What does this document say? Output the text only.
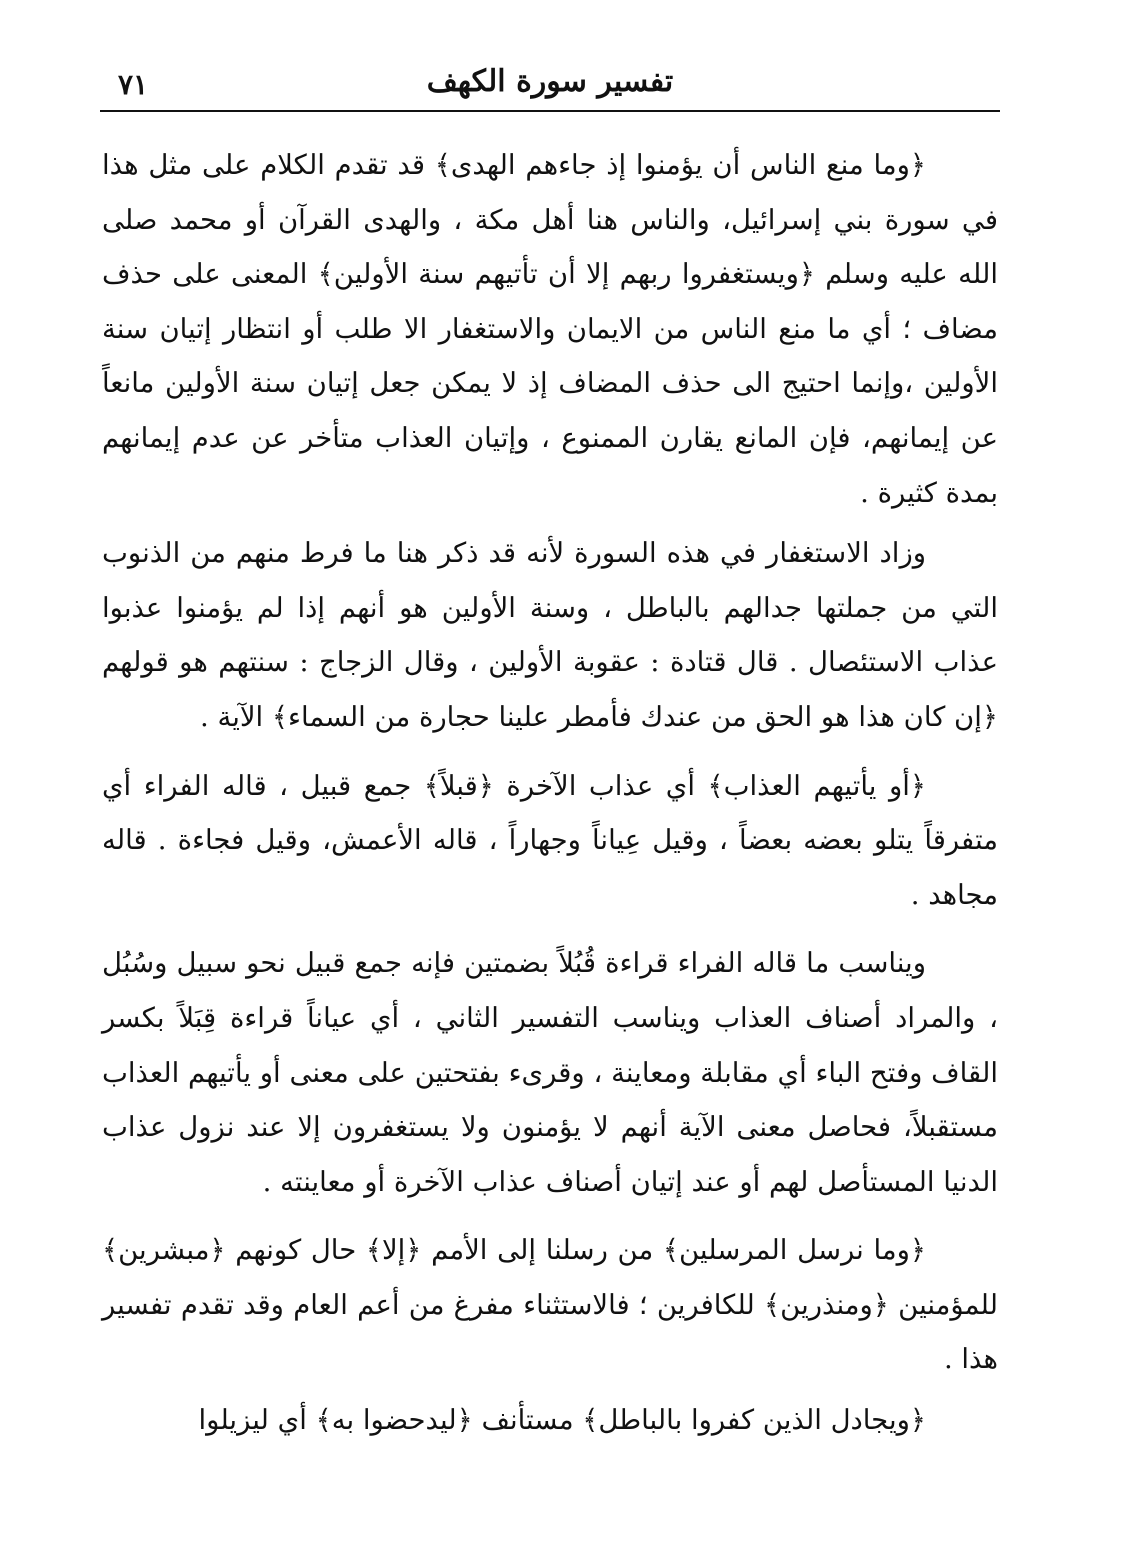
٧١	تفسير سورة الكهف

﴿وما منع الناس أن يؤمنوا إذ جاءهم الهدى﴾ قد تقدم الكلام على مثل هذا في سورة بني إسرائيل، والناس هنا أهل مكة ، والهدى القرآن أو محمد صلى الله عليه وسلم ﴿ويستغفروا ربهم إلا أن تأتيهم سنة الأولين﴾ المعنى على حذف مضاف ؛ أي ما منع الناس من الايمان والاستغفار الا طلب أو انتظار إتيان سنة الأولين ،وإنما احتيج الى حذف المضاف إذ لا يمكن جعل إتيان سنة الأولين مانعاً عن إيمانهم، فإن المانع يقارن الممنوع ، وإتيان العذاب متأخر عن عدم إيمانهم بمدة كثيرة .

وزاد الاستغفار في هذه السورة لأنه قد ذكر هنا ما فرط منهم من الذنوب التي من جملتها جدالهم بالباطل ، وسنة الأولين هو أنهم إذا لم يؤمنوا عذبوا عذاب الاستئصال . قال قتادة : عقوبة الأولين ، وقال الزجاج : سنتهم هو قولهم ﴿إن كان هذا هو الحق من عندك فأمطر علينا حجارة من السماء﴾ الآية .

﴿أو يأتيهم العذاب﴾ أي عذاب الآخرة ﴿قبلاً﴾ جمع قبيل ، قاله الفراء أي متفرقاً يتلو بعضه بعضاً ، وقيل عِياناً وجهاراً ، قاله الأعمش، وقيل فجاءة . قاله مجاهد .

ويناسب ما قاله الفراء قراءة قُبُلاً بضمتين فإنه جمع قبيل نحو سبيل وسُبُل ، والمراد أصناف العذاب ويناسب التفسير الثاني ، أي عياناً قراءة قِبَلاً بكسر القاف وفتح الباء أي مقابلة ومعاينة ، وقرىء بفتحتين على معنى أو يأتيهم العذاب مستقبلاً، فحاصل معنى الآية أنهم لا يؤمنون ولا يستغفرون إلا عند نزول عذاب الدنيا المستأصل لهم أو عند إتيان أصناف عذاب الآخرة أو معاينته .

﴿وما نرسل المرسلين﴾ من رسلنا إلى الأمم ﴿إلا﴾ حال كونهم ﴿مبشرين﴾ للمؤمنين ﴿ومنذرين﴾ للكافرين ؛ فالاستثناء مفرغ من أعم العام وقد تقدم تفسير هذا .

﴿ويجادل الذين كفروا بالباطل﴾ مستأنف ﴿ليدحضوا به﴾ أي ليزيلوا
